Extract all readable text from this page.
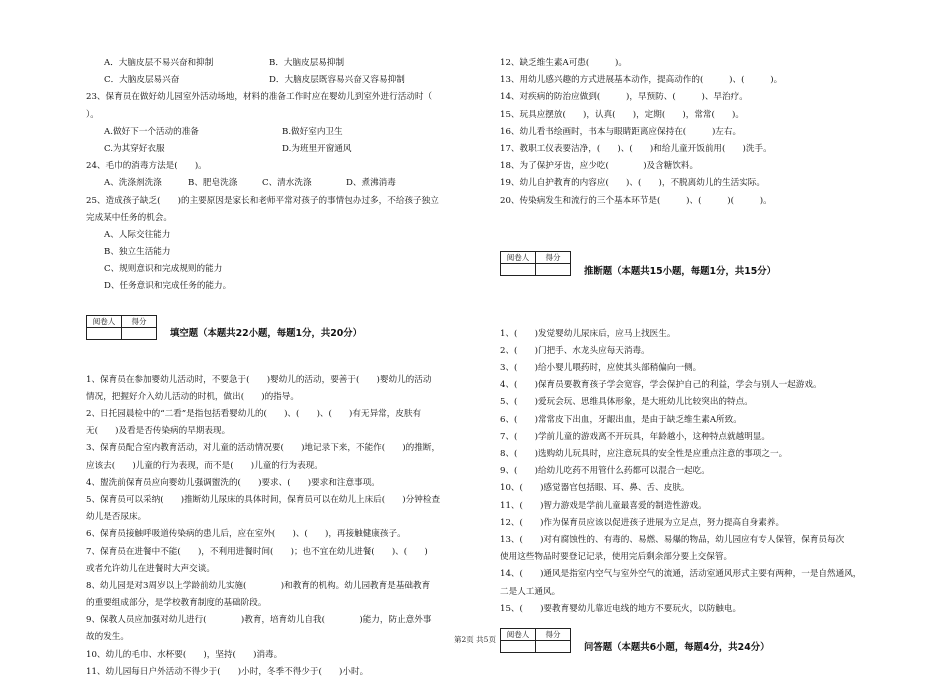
A．大脑皮层不易兴奋和抑制	B．大脑皮层易抑制
C．大脑皮层易兴奋	D．大脑皮层既容易兴奋又容易抑制
23、保育员在做好幼儿园室外活动场地，材料的准备工作时应在婴幼儿到室外进行活动时（
）。
A.做好下一个活动的准备	B.做好室内卫生
C.为其穿好衣服	D.为班里开窗通风
24、毛巾的消毒方法是(　　)。
A、洗涤剂洗涤	B、肥皂洗涤	C、清水洗涤	D、煮沸消毒
25、造成孩子缺乏(　　)的主要原因是家长和老师平常对孩子的事情包办过多，不给孩子独立
完成某中任务的机会。
A、人际交往能力
B、独立生活能力
C、规则意识和完成规则的能力
D、任务意识和完成任务的能力。
阅卷人	得分

填空题（本题共22小题，每题1分，共20分）
1、保育员在参加婴幼儿活动时，不要急于(　　)婴幼儿的活动，要善于(　　)婴幼儿的活动
情况，把握好介入幼儿活动的时机，做出(　　)的指导。
2、日托园晨检中的“二看”是指包括看婴幼儿的(　　)、(　　)、(　　)有无异常，皮肤有
无(　　)及看是否传染病的早期表现。
3、保育员配合室内教育活动，对儿童的活动情况要(　　)地记录下来，不能作(　　)的推断，
应该去(　　)儿童的行为表现，而不是(　　)儿童的行为表现。
4、盥洗前保育员应向婴幼儿强调盥洗的(　　)要求、(　　)要求和注意事项。
5、保育员可以采纳(　　)推断幼儿尿床的具体时间，保育员可以在幼儿上床后(　　)分钟检查
幼儿是否尿床。
6、保育员接触呼吸道传染病的患儿后，应在室外(　　)、(　　)，再接触健康孩子。
7、保育员在进餐中不能(　　)，不利用进餐时间(　　)；也不宜在幼儿进餐(　　)、(　　)
或者允许幼儿在进餐时大声交谈。
8、幼儿园是对3周岁以上学龄前幼儿实施(　　　　)和教育的机构。幼儿园教育是基础教育
的重要组成部分，是学校教育制度的基础阶段。
9、保教人员应加强对幼儿进行(　　　　)教育，培育幼儿自我(　　　　)能力，防止意外事
故的发生。
10、幼儿的毛巾、水杯要(　　)，坚持(　　)消毒。
11、幼儿园每日户外活动不得少于(　　)小时，冬季不得少于(　　)小时。
12、缺乏维生素A可患(　　　)。
13、用幼儿感兴趣的方式进展基本动作，提高动作的(　　　)、(　　　)。
14、对疾病的防治应做到(　　　)，早预防、(　　　)、早治疗。
15、玩具应摆放(　　)，认真(　　)，定期(　　)，常常(　　)。
16、幼儿看书绘画时，书本与眼睛距离应保持在(　　　)左右。
17、教职工仪表要洁净，(　　)、(　　)和给儿童开饭前用(　　)洗手。
18、为了保护牙齿，应少吃(　　　　)及含糖饮料。
19、幼儿自护教育的内容应(　　)、(　　)，不脱离幼儿的生活实际。
20、传染病发生和流行的三个基本环节是(　　　)、(　　　)(　　　)。
阅卷人	得分

推断题（本题共15小题，每题1分，共15分）
1、(　　)发觉婴幼儿尿床后，应马上找医生。
2、(　　)门把手、水龙头应每天消毒。
3、(　　)给小婴儿喂药时，应使其头部稍偏向一侧。
4、(　　)保育员要教育孩子学会宽容，学会保护自己的利益，学会与别人一起游戏。
5、(　　)爱玩会玩、思维具体形象，是大班幼儿比较突出的特点。
6、(　　)常常皮下出血，牙龈出血，是由于缺乏维生素A所致。
7、(　　)学前儿童的游戏离不开玩具，年龄越小，这种特点就越明显。
8、(　　)选购幼儿玩具时，应注意玩具的安全性是应重点注意的事项之一。
9、(　　)给幼儿吃药不用管什么药都可以混合一起吃。
10、(　　)感觉器官包括眼、耳、鼻、舌、皮肤。
11、(　　)智力游戏是学前儿童最喜爱的制造性游戏。
12、(　　)作为保育员应该以促进孩子进展为立足点，努力提高自身素养。
13、(　　)对有腐蚀性的、有毒的、易燃、易爆的物品，幼儿园应有专人保管，保育员每次
使用这些物品时要登记记录，使用完后剩余部分要上交保管。
14、(　　)通风是指室内空气与室外空气的流通，活动室通风形式主要有两种，一是自然通风，
二是人工通风。
15、(　　)要教育婴幼儿靠近电线的地方不要玩火，以防触电。
阅卷人	得分

问答题（本题共6小题，每题4分，共24分）
第2页 共5页
